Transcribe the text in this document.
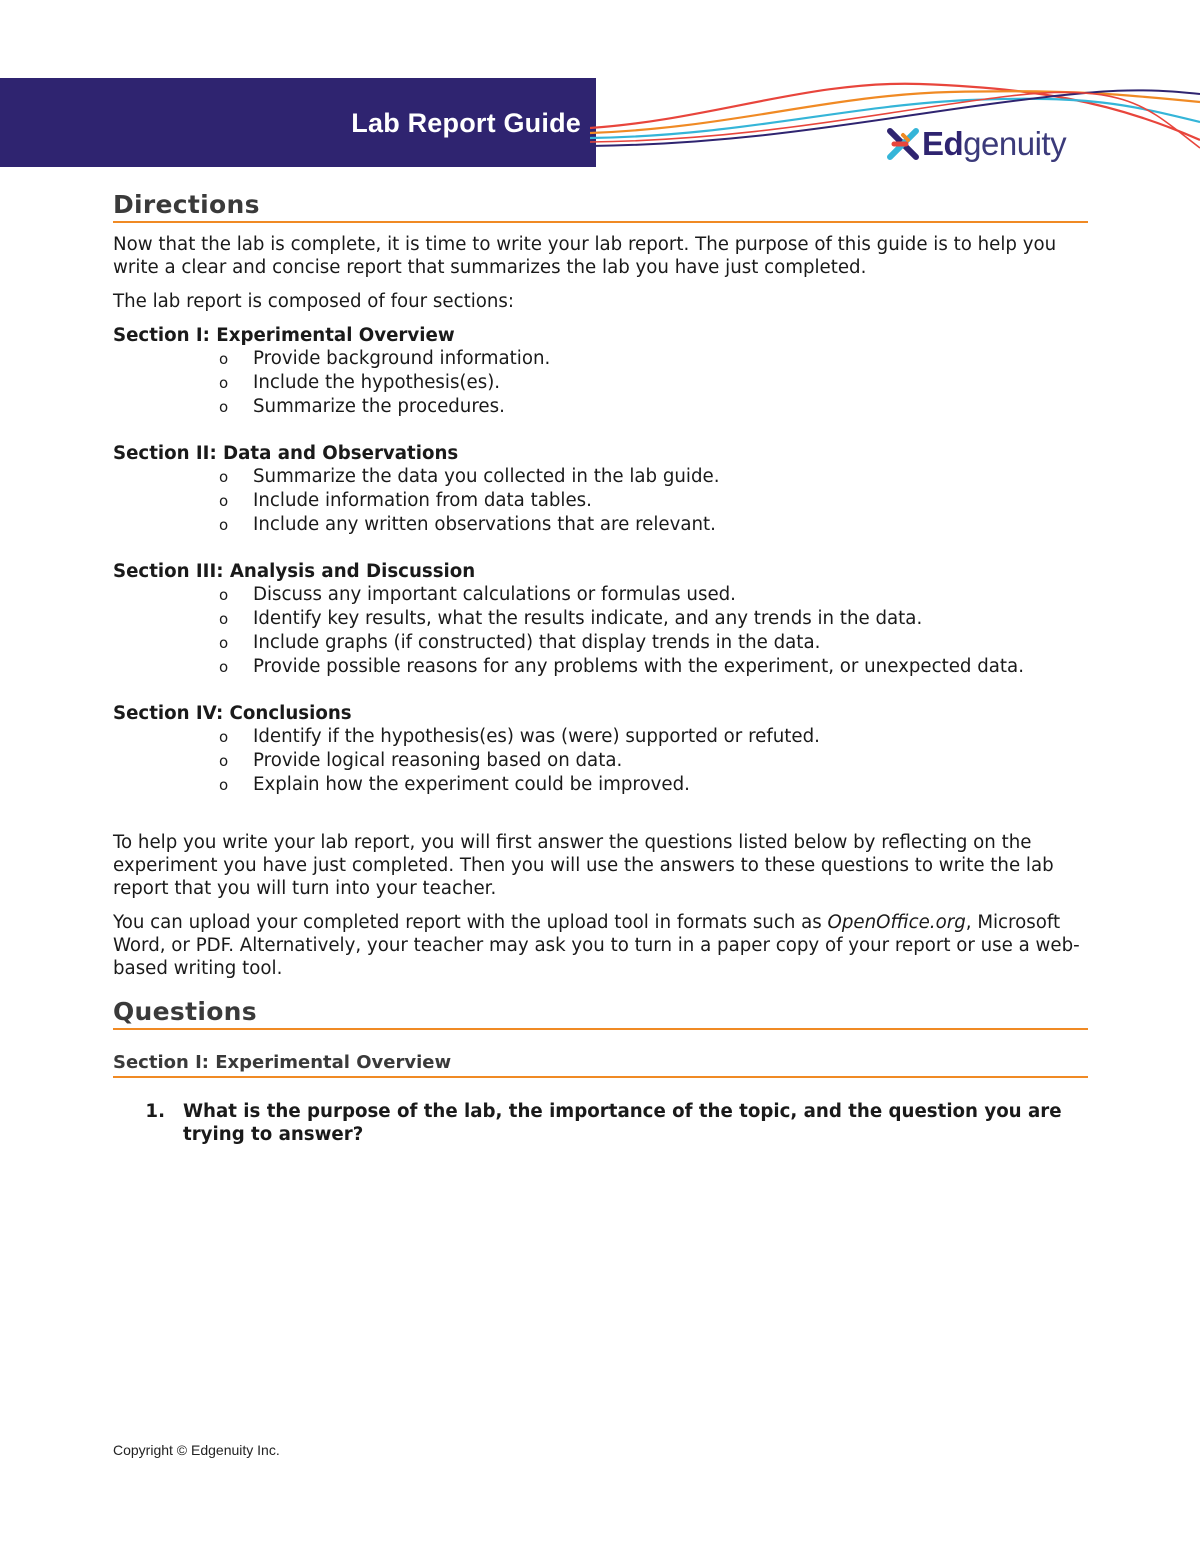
Lab Report Guide
Edgenuity
Directions

Now that the lab is complete, it is time to write your lab report. The purpose of this guide is to help you write a clear and concise report that summarizes the lab you have just completed.

The lab report is composed of four sections:

Section I: Experimental Overview
o Provide background information.
o Include the hypothesis(es).
o Summarize the procedures.
Section II: Data and Observations
o Summarize the data you collected in the lab guide.
o Include information from data tables.
o Include any written observations that are relevant.
Section III: Analysis and Discussion
o Discuss any important calculations or formulas used.
o Identify key results, what the results indicate, and any trends in the data.
o Include graphs (if constructed) that display trends in the data.
o Provide possible reasons for any problems with the experiment, or unexpected data.
Section IV: Conclusions
o Identify if the hypothesis(es) was (were) supported or refuted.
o Provide logical reasoning based on data.
o Explain how the experiment could be improved.

To help you write your lab report, you will first answer the questions listed below by reflecting on the experiment you have just completed. Then you will use the answers to these questions to write the lab report that you will turn into your teacher.

You can upload your completed report with the upload tool in formats such as OpenOffice.org, Microsoft Word, or PDF. Alternatively, your teacher may ask you to turn in a paper copy of your report or use a web-based writing tool.

Questions
Section I: Experimental Overview
1. What is the purpose of the lab, the importance of the topic, and the question you are trying to answer?
Copyright © Edgenuity Inc.
